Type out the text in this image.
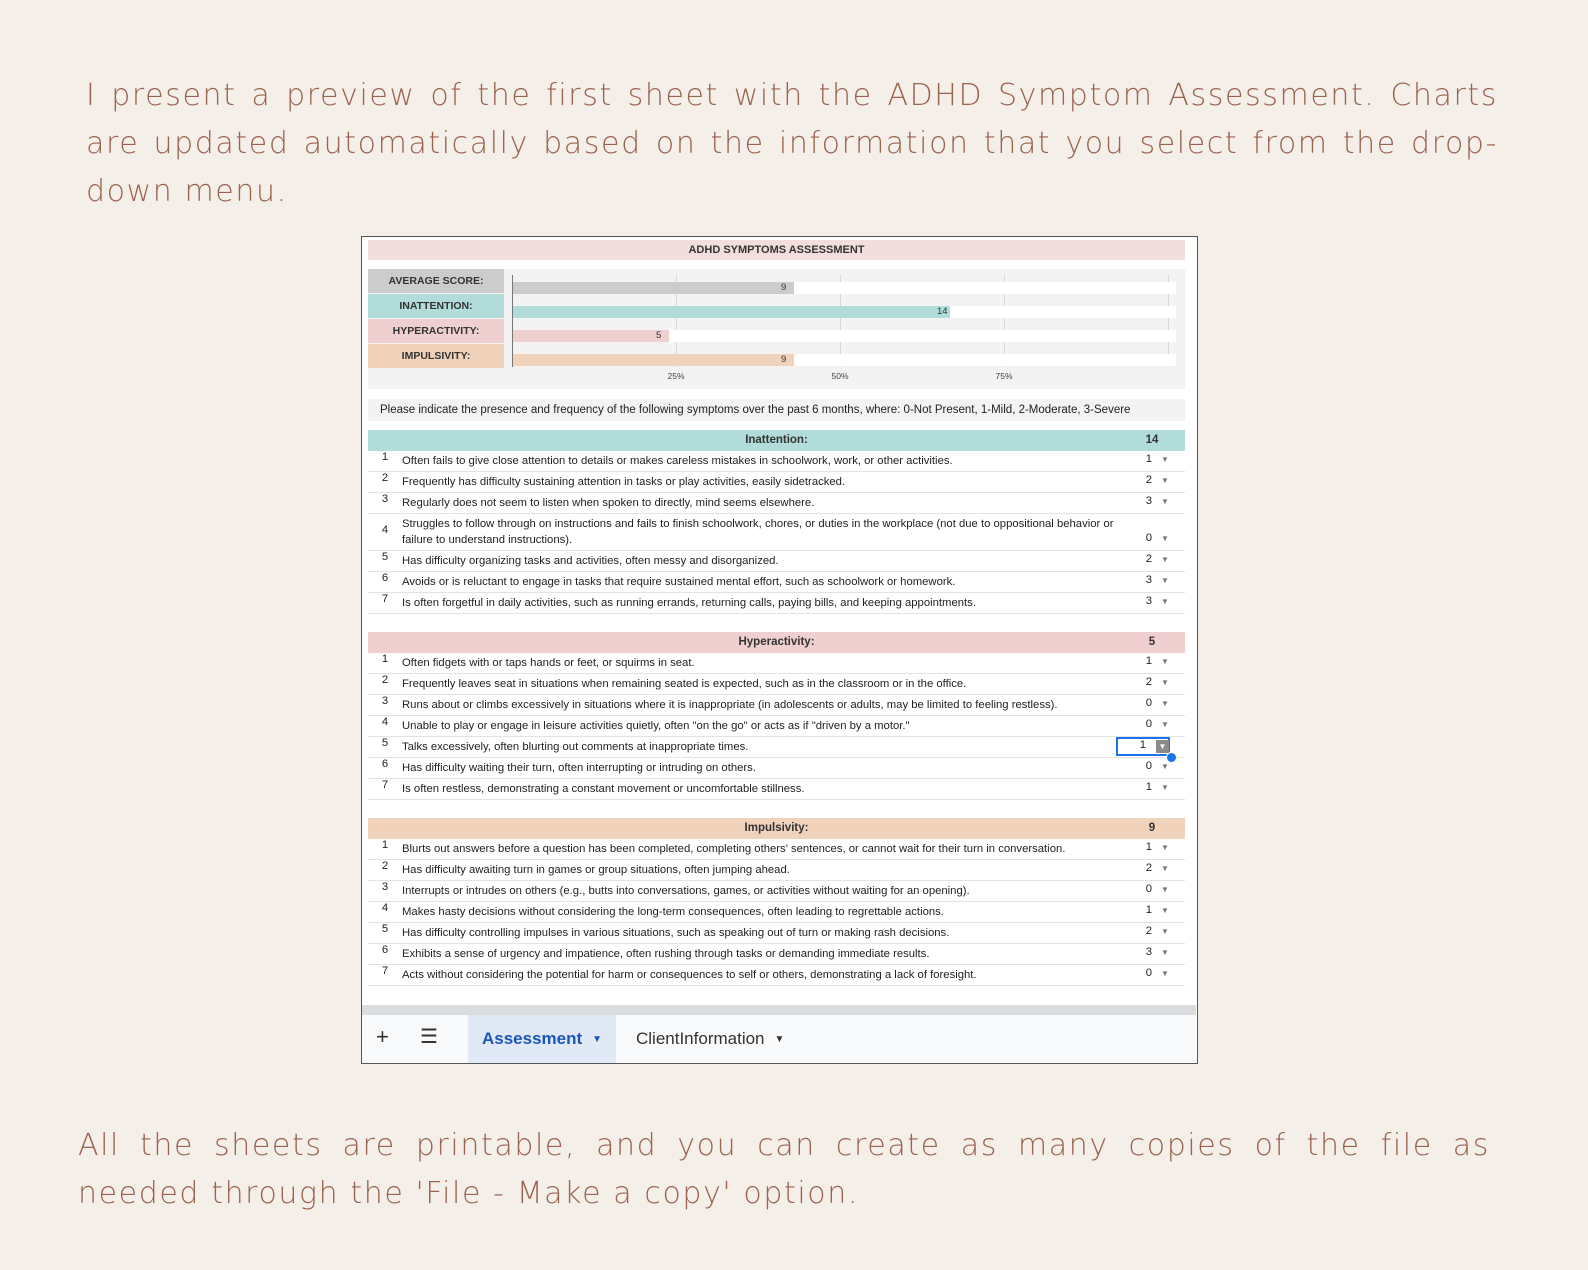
I present a preview of the first sheet with the ADHD Symptom Assessment. Charts are updated automatically based on the information that you select from the drop-down menu.

ADHD SYMPTOMS ASSESSMENT
AVERAGE SCORE:
INATTENTION:
HYPERACTIVITY:
IMPULSIVITY:
9
14
5
9
25%	50%	75%
Please indicate the presence and frequency of the following symptoms over the past 6 months, where: 0-Not Present, 1-Mild, 2-Moderate, 3-Severe
Inattention:	14
1	Often fails to give close attention to details or makes careless mistakes in schoolwork, work, or other activities.	1 ▼
2	Frequently has difficulty sustaining attention in tasks or play activities, easily sidetracked.	2 ▼
3	Regularly does not seem to listen when spoken to directly, mind seems elsewhere.	3 ▼
4	Struggles to follow through on instructions and fails to finish schoolwork, chores, or duties in the workplace (not due to oppositional behavior or failure to understand instructions).	0 ▼
5	Has difficulty organizing tasks and activities, often messy and disorganized.	2 ▼
6	Avoids or is reluctant to engage in tasks that require sustained mental effort, such as schoolwork or homework.	3 ▼
7	Is often forgetful in daily activities, such as running errands, returning calls, paying bills, and keeping appointments.	3 ▼
Hyperactivity:	5
1	Often fidgets with or taps hands or feet, or squirms in seat.	1 ▼
2	Frequently leaves seat in situations when remaining seated is expected, such as in the classroom or in the office.	2 ▼
3	Runs about or climbs excessively in situations where it is inappropriate (in adolescents or adults, may be limited to feeling restless).	0 ▼
4	Unable to play or engage in leisure activities quietly, often "on the go" or acts as if "driven by a motor."	0 ▼
5	Talks excessively, often blurting out comments at inappropriate times.	1	▼
6	Has difficulty waiting their turn, often interrupting or intruding on others.	0 ▼
7	Is often restless, demonstrating a constant movement or uncomfortable stillness.	1 ▼
Impulsivity:	9
1	Blurts out answers before a question has been completed, completing others' sentences, or cannot wait for their turn in conversation.	1 ▼
2	Has difficulty awaiting turn in games or group situations, often jumping ahead.	2 ▼
3	Interrupts or intrudes on others (e.g., butts into conversations, games, or activities without waiting for an opening).	0 ▼
4	Makes hasty decisions without considering the long-term consequences, often leading to regrettable actions.	1 ▼
5	Has difficulty controlling impulses in various situations, such as speaking out of turn or making rash decisions.	2 ▼
6	Exhibits a sense of urgency and impatience, often rushing through tasks or demanding immediate results.	3 ▼
7	Acts without considering the potential for harm or consequences to self or others, demonstrating a lack of foresight.	0 ▼
+ ☰	Assessment ▼	ClientInformation ▼

All the sheets are printable, and you can create as many copies of the file as needed through the 'File - Make a copy' option.
